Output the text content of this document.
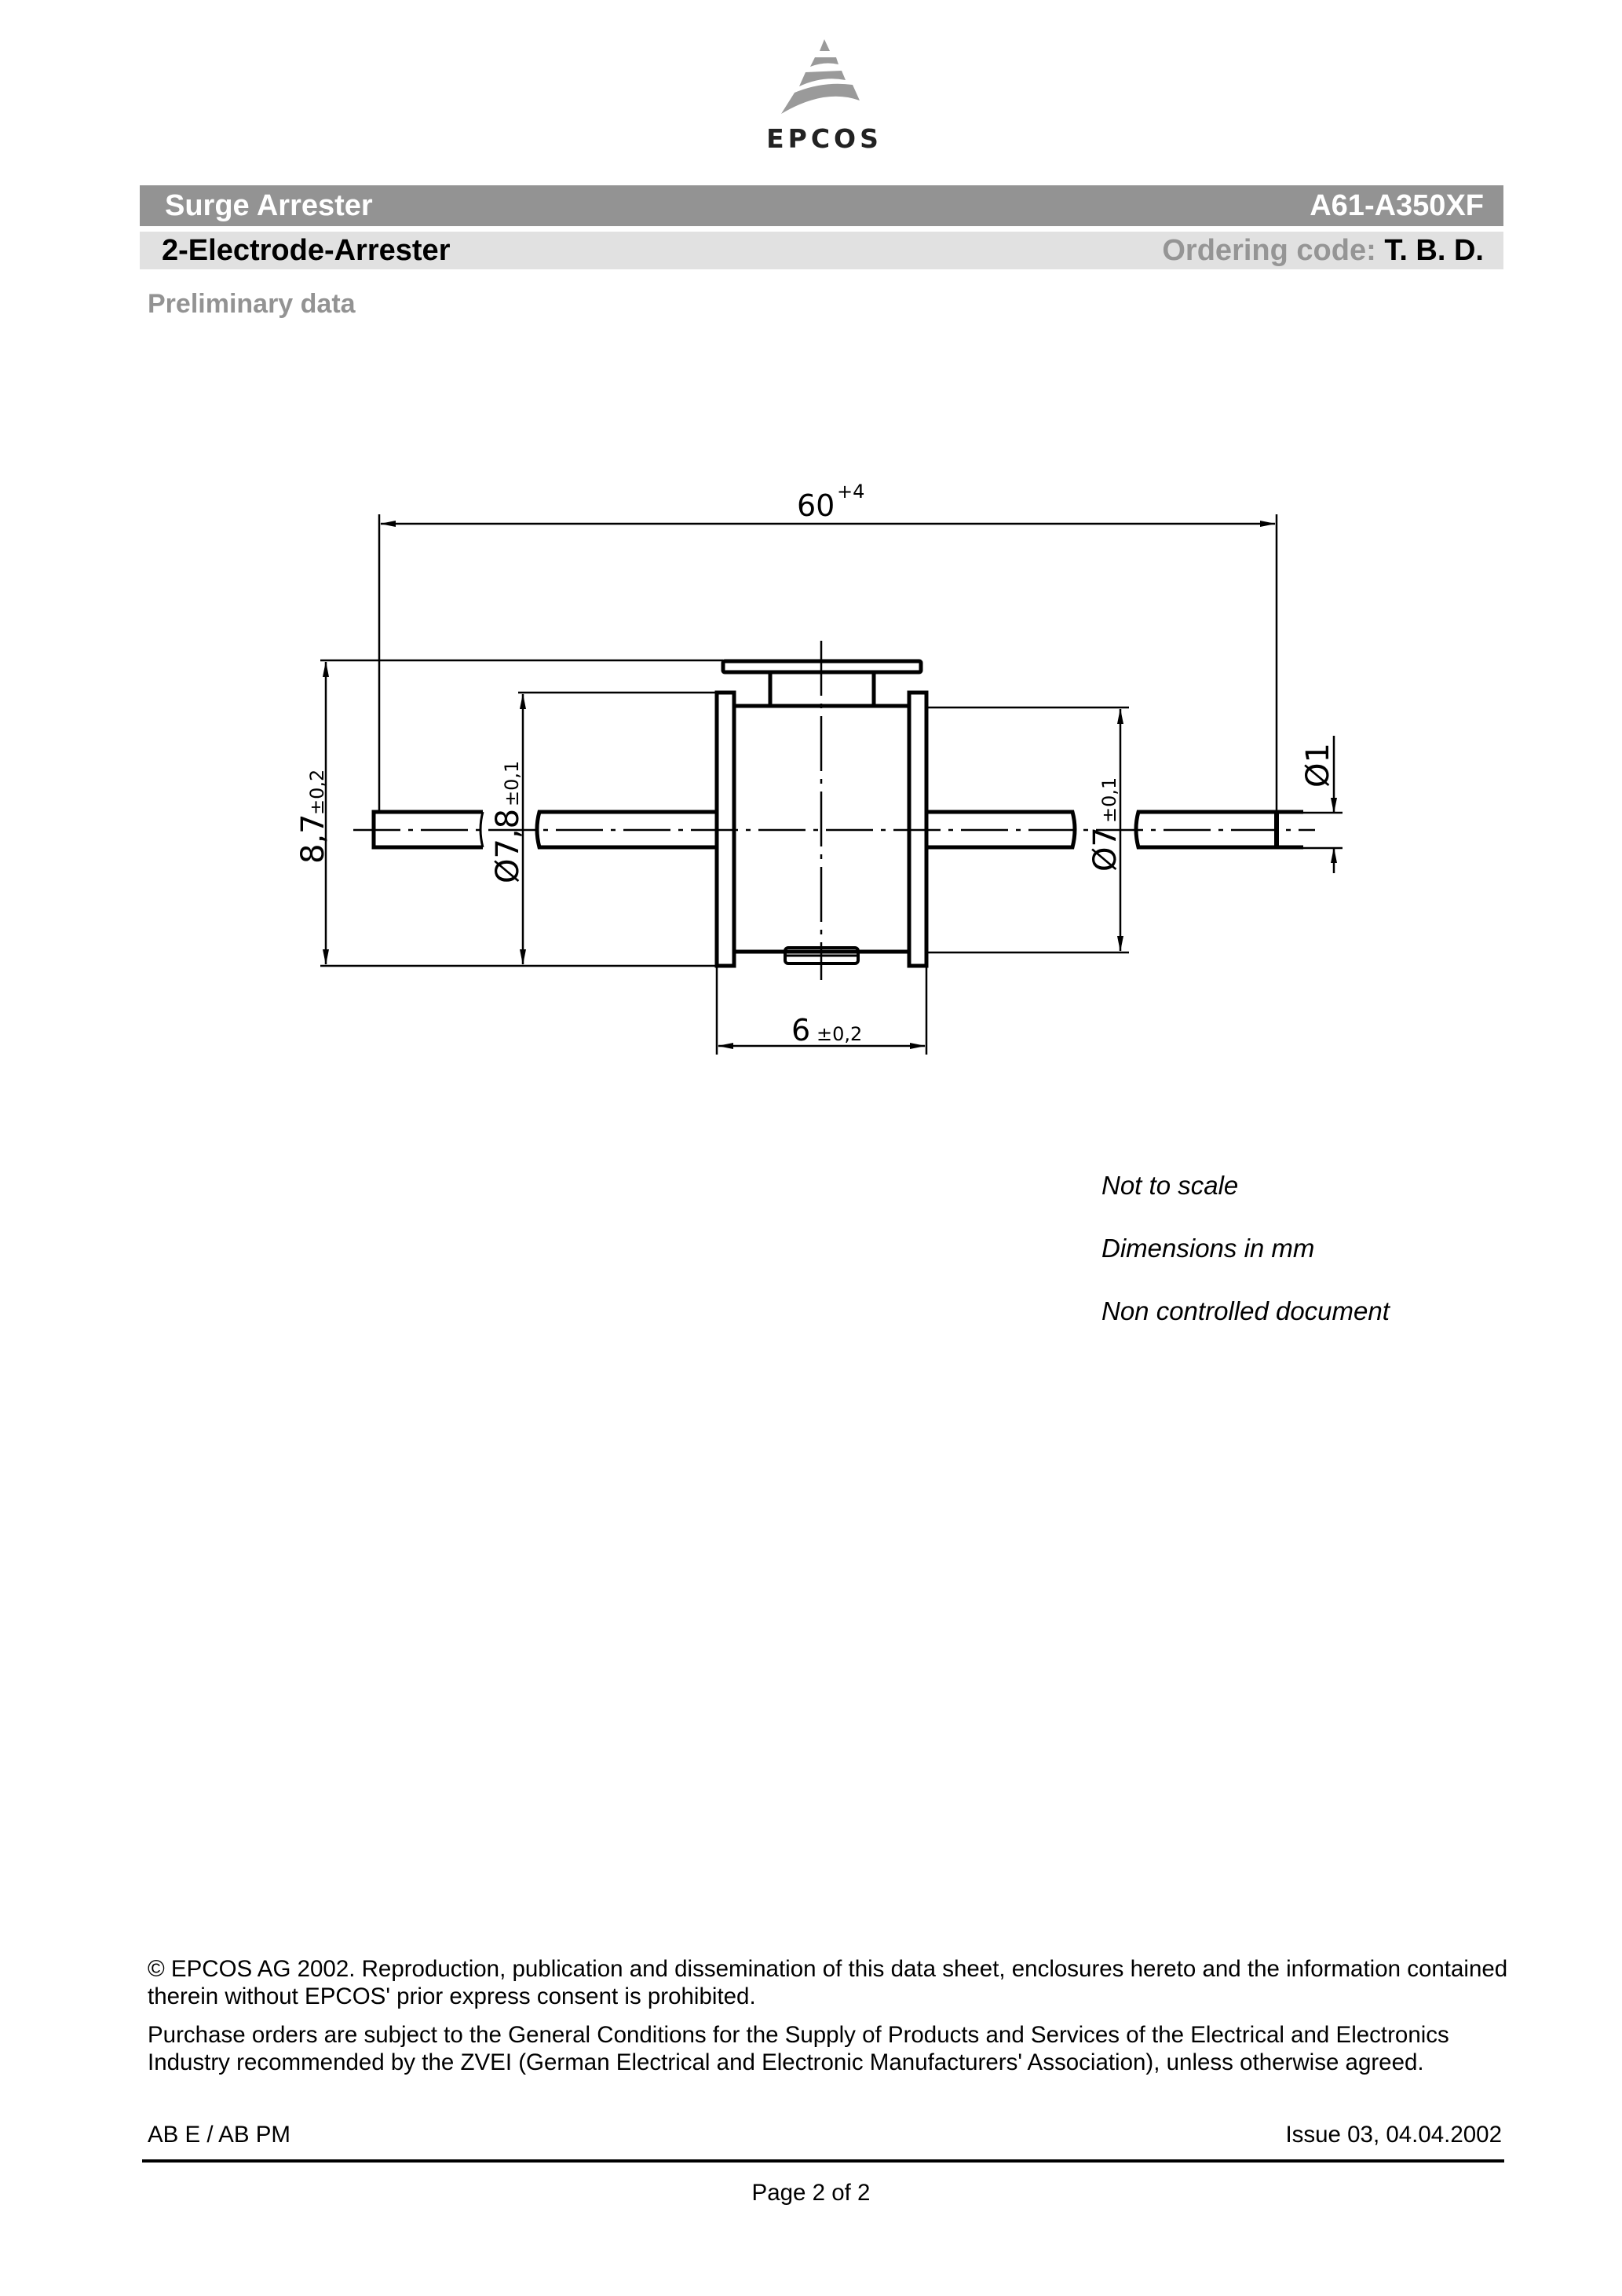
EPCOS
Surge Arrester	A61-A350XF
2-Electrode-Arrester	Ordering code: T. B. D.
Preliminary data
60 +4
8,7
±0,2
Ø7,8
±0,1
Ø7
±0,1
Ø1
6 ±0,2
Not to scale
Dimensions in mm
Non controlled document

© EPCOS AG 2002. Reproduction, publication and dissemination of this data sheet, enclosures hereto and the information contained therein without EPCOS' prior express consent is prohibited.

Purchase orders are subject to the General Conditions for the Supply of Products and Services of the Electrical and Electronics Industry recommended by the ZVEI (German Electrical and Electronic Manufacturers' Association), unless otherwise agreed.

AB E / AB PM	Issue 03, 04.04.2002
Page 2 of 2
